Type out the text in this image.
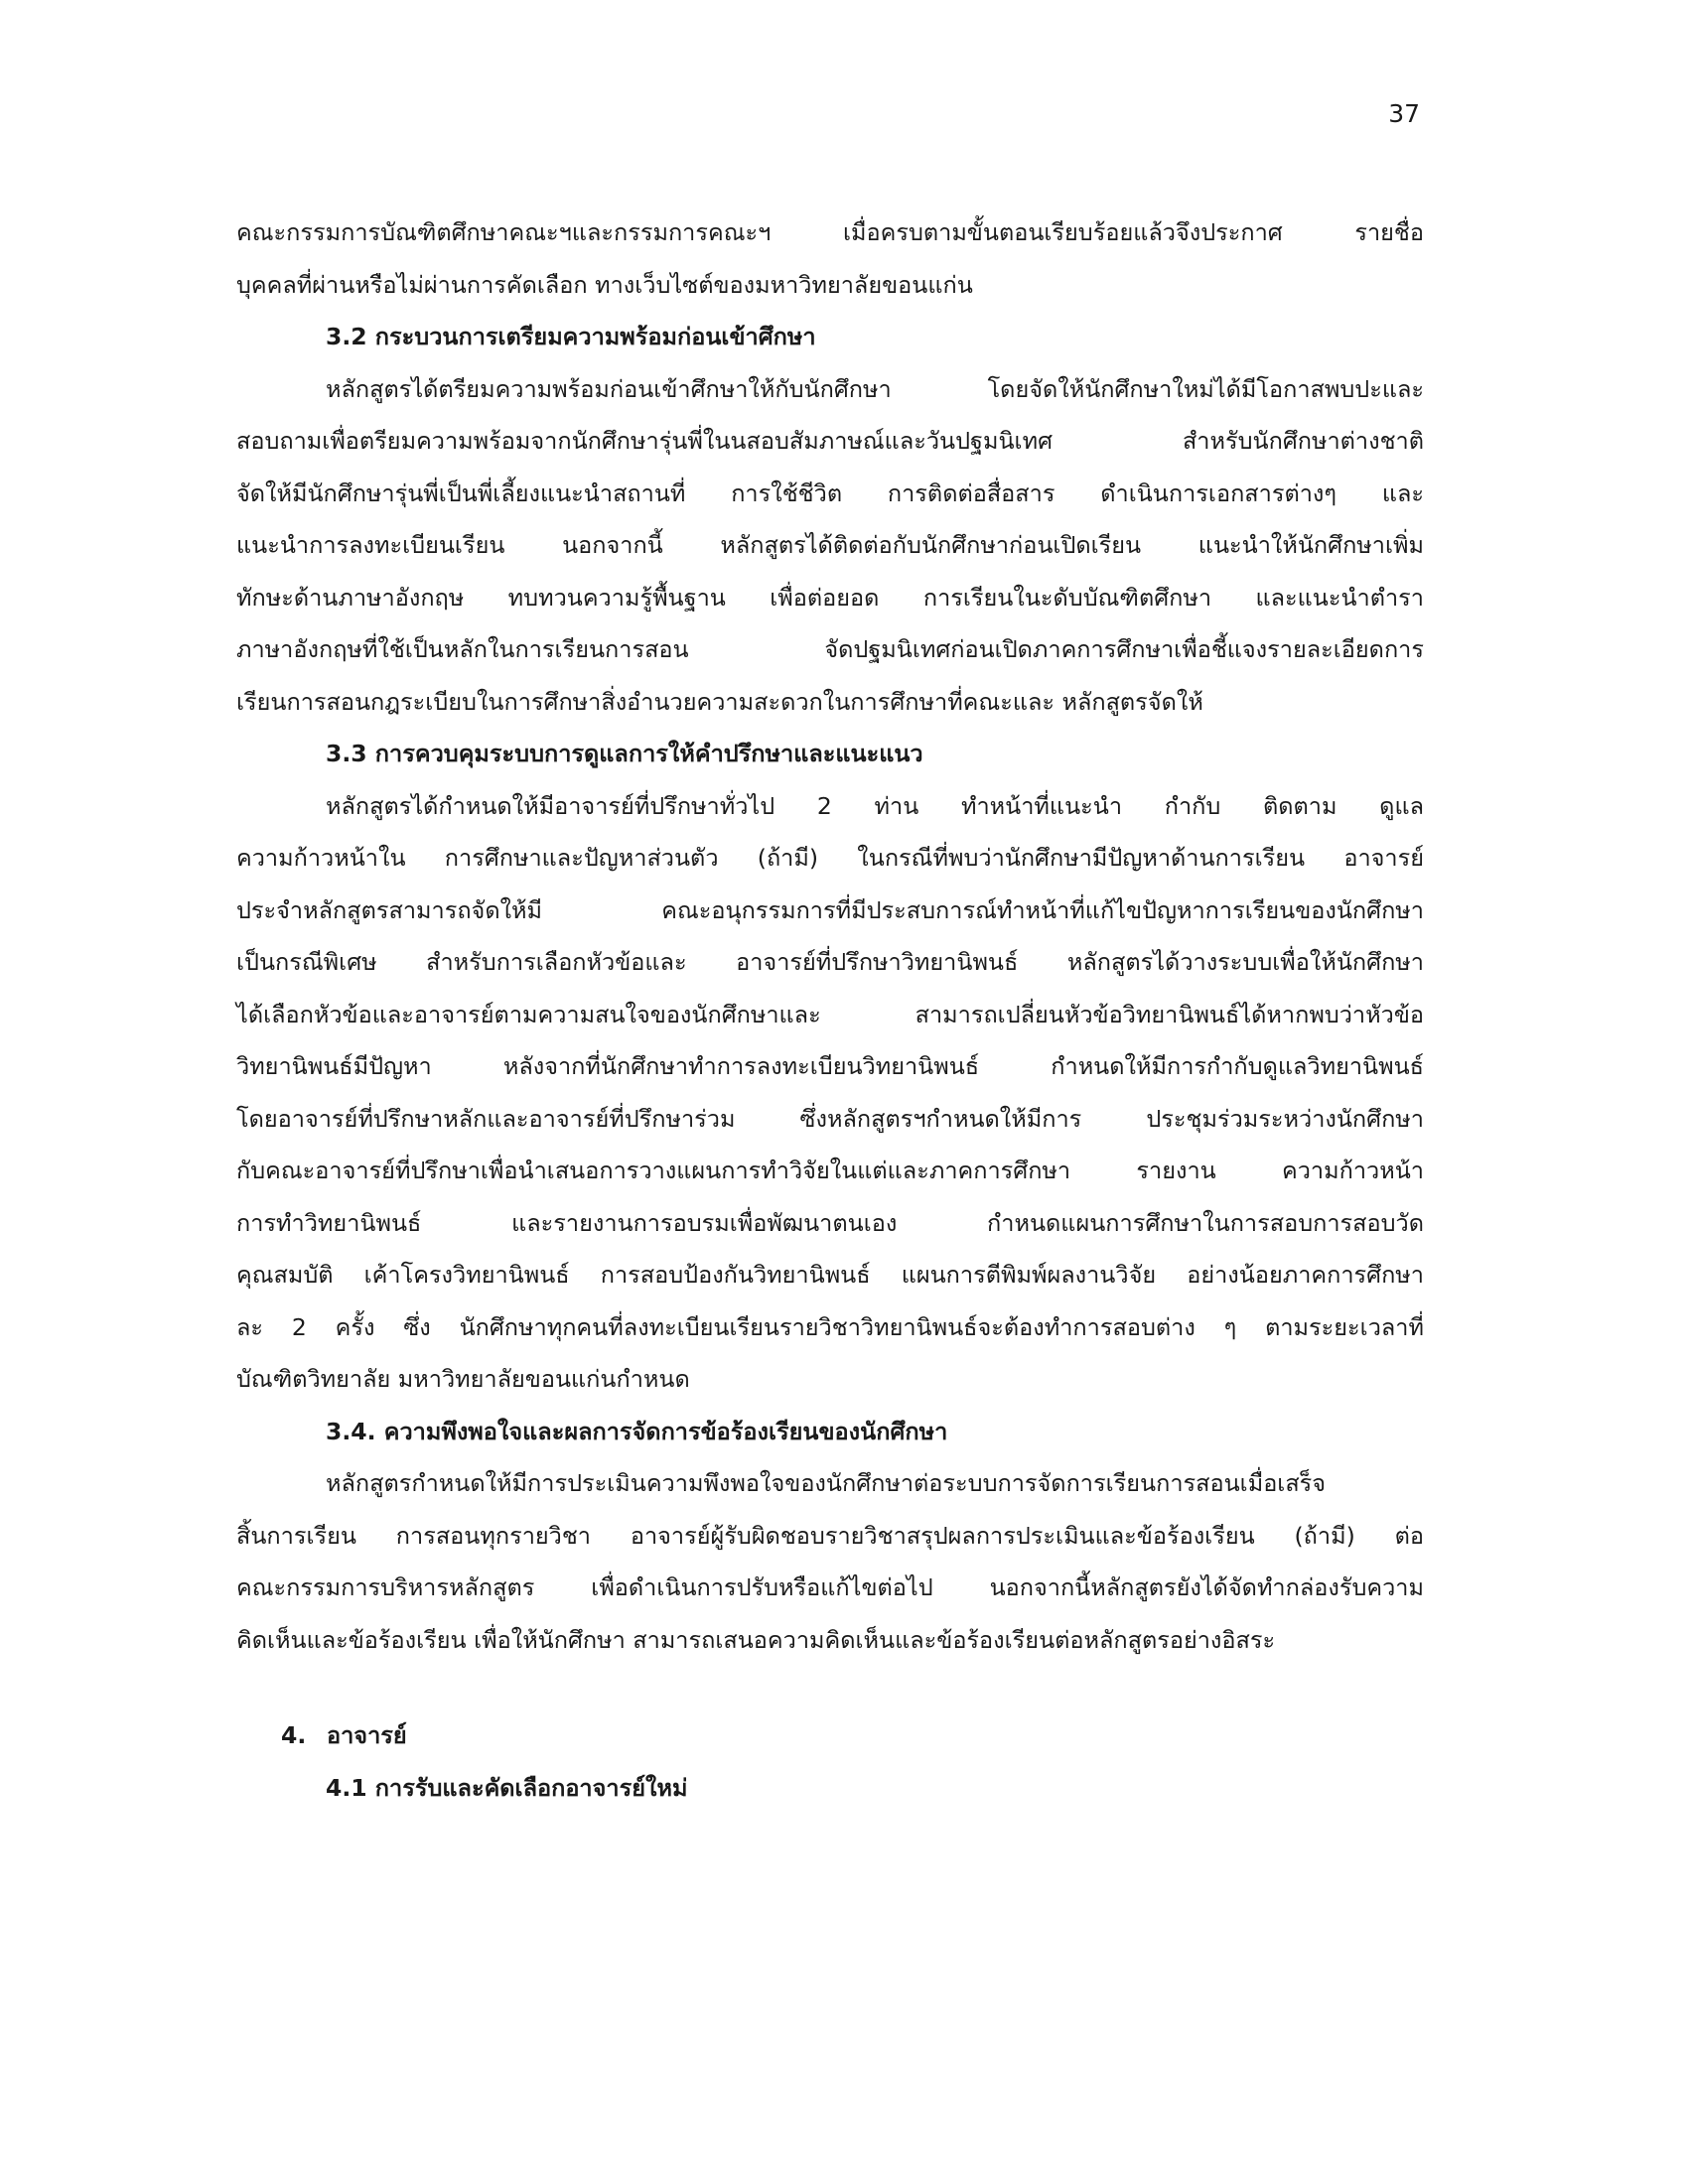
37

คณะกรรมการบัณฑิตศึกษาคณะฯและกรรมการคณะฯ เมื่อครบตามขั้นตอนเรียบร้อยแล้วจึงประกาศ รายชื่อ
บุคคลที่ผ่านหรือไม่ผ่านการคัดเลือก ทางเว็บไซต์ของมหาวิทยาลัยขอนแก่น

3.2 กระบวนการเตรียมความพร้อมก่อนเข้าศึกษา

หลักสูตรได้ตรียมความพร้อมก่อนเข้าศึกษาให้กับนักศึกษา โดยจัดให้นักศึกษาใหม่ได้มีโอกาสพบปะและ
สอบถามเพื่อตรียมความพร้อมจากนักศึกษารุ่นพี่ในนสอบสัมภาษณ์และวันปฐมนิเทศ สำหรับนักศึกษาต่างชาติ
จัดให้มีนักศึกษารุ่นพี่เป็นพี่เลี้ยงแนะนำสถานที่ การใช้ชีวิต การติดต่อสื่อสาร ดำเนินการเอกสารต่างๆ และ
แนะนำการลงทะเบียนเรียน นอกจากนี้ หลักสูตรได้ติดต่อกับนักศึกษาก่อนเปิดเรียน แนะนำให้นักศึกษาเพิ่ม
ทักษะด้านภาษาอังกฤษ ทบทวนความรู้พื้นฐาน เพื่อต่อยอด การเรียนในะดับบัณฑิตศึกษา และแนะนำตำรา
ภาษาอังกฤษที่ใช้เป็นหลักในการเรียนการสอน จัดปฐมนิเทศก่อนเปิดภาคการศึกษาเพื่อชี้แจงรายละเอียดการ
เรียนการสอนกฎระเบียบในการศึกษาสิ่งอำนวยความสะดวกในการศึกษาที่คณะและ หลักสูตรจัดให้

3.3 การควบคุมระบบการดูแลการให้คำปรึกษาและแนะแนว

หลักสูตรได้กำหนดให้มีอาจารย์ที่ปรึกษาทั่วไป 2 ท่าน ทำหน้าที่แนะนำ กำกับ ติดตาม ดูแล
ความก้าวหน้าใน การศึกษาและปัญหาส่วนตัว (ถ้ามี) ในกรณีที่พบว่านักศึกษามีปัญหาด้านการเรียน อาจารย์
ประจำหลักสูตรสามารถจัดให้มี คณะอนุกรรมการที่มีประสบการณ์ทำหน้าที่แก้ไขปัญหาการเรียนของนักศึกษา
เป็นกรณีพิเศษ สำหรับการเลือกหัวข้อและ อาจารย์ที่ปรึกษาวิทยานิพนธ์ หลักสูตรได้วางระบบเพื่อให้นักศึกษา
ได้เลือกหัวข้อและอาจารย์ตามความสนใจของนักศึกษาและ สามารถเปลี่ยนหัวข้อวิทยานิพนธ์ได้หากพบว่าหัวข้อ
วิทยานิพนธ์มีปัญหา หลังจากที่นักศึกษาทำการลงทะเบียนวิทยานิพนธ์ กำหนดให้มีการกำกับดูแลวิทยานิพนธ์
โดยอาจารย์ที่ปรึกษาหลักและอาจารย์ที่ปรึกษาร่วม ซึ่งหลักสูตรฯกำหนดให้มีการ ประชุมร่วมระหว่างนักศึกษา
กับคณะอาจารย์ที่ปรึกษาเพื่อนำเสนอการวางแผนการทำวิจัยในแต่และภาคการศึกษา รายงาน ความก้าวหน้า
การทำวิทยานิพนธ์ และรายงานการอบรมเพื่อพัฒนาตนเอง กำหนดแผนการศึกษาในการสอบการสอบวัด
คุณสมบัติ เค้าโครงวิทยานิพนธ์ การสอบป้องกันวิทยานิพนธ์ แผนการตีพิมพ์ผลงานวิจัย อย่างน้อยภาคการศึกษา
ละ 2 ครั้ง ซึ่ง นักศึกษาทุกคนที่ลงทะเบียนเรียนรายวิชาวิทยานิพนธ์จะต้องทำการสอบต่าง ๆ ตามระยะเวลาที่
บัณฑิตวิทยาลัย มหาวิทยาลัยขอนแก่นกำหนด

3.4. ความพึงพอใจและผลการจัดการข้อร้องเรียนของนักศึกษา

หลักสูตรกำหนดให้มีการประเมินความพึงพอใจของนักศึกษาต่อระบบการจัดการเรียนการสอนเมื่อเสร็จ
สิ้นการเรียน การสอนทุกรายวิชา อาจารย์ผู้รับผิดชอบรายวิชาสรุปผลการประเมินและข้อร้องเรียน (ถ้ามี) ต่อ
คณะกรรมการบริหารหลักสูตร เพื่อดำเนินการปรับหรือแก้ไขต่อไป นอกจากนี้หลักสูตรยังได้จัดทำกล่องรับความ
คิดเห็นและข้อร้องเรียน เพื่อให้นักศึกษา สามารถเสนอความคิดเห็นและข้อร้องเรียนต่อหลักสูตรอย่างอิสระ

4. อาจารย์
4.1 การรับและคัดเลือกอาจารย์ใหม่
